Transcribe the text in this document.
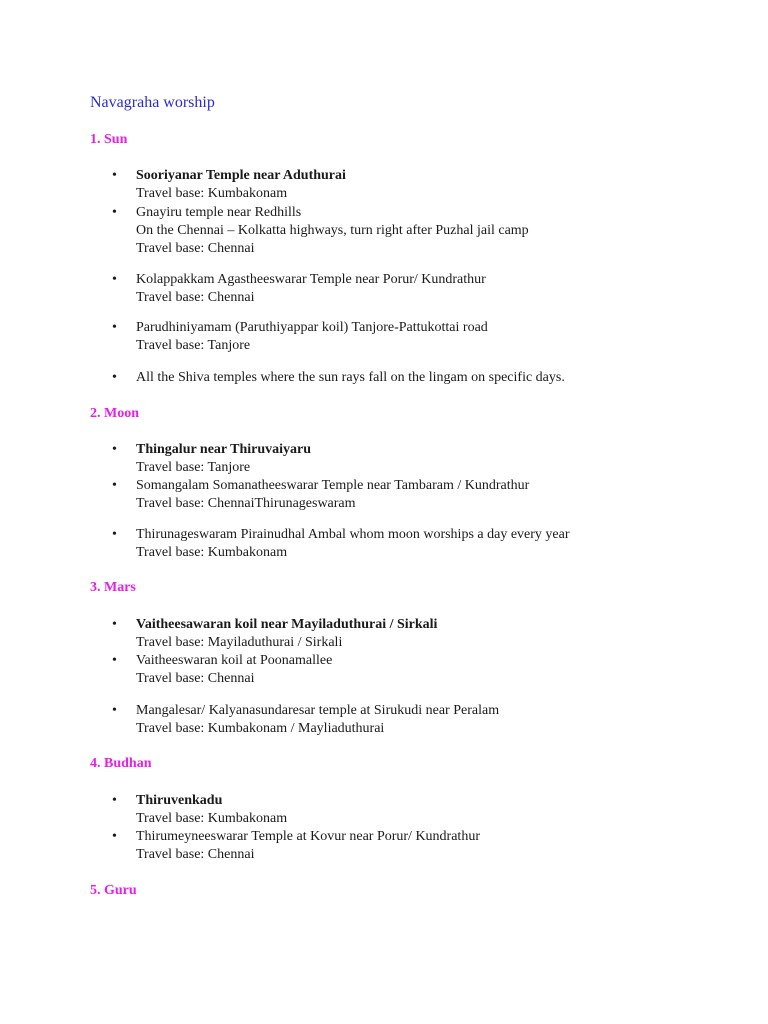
Navagraha worship
1. Sun
• Sooriyanar Temple near Aduthurai
Travel base: Kumbakonam
• Gnayiru temple near Redhills
On the Chennai – Kolkatta highways, turn right after Puzhal jail camp
Travel base: Chennai
• Kolappakkam Agastheeswarar Temple near Porur/ Kundrathur
Travel base: Chennai
• Parudhiniyamam (Paruthiyappar koil) Tanjore-Pattukottai road
Travel base: Tanjore
• All the Shiva temples where the sun rays fall on the lingam on specific days.
2. Moon
• Thingalur near Thiruvaiyaru
Travel base: Tanjore
• Somangalam Somanatheeswarar Temple near Tambaram / Kundrathur
Travel base: ChennaiThirunageswaram
• Thirunageswaram Pirainudhal Ambal whom moon worships a day every year
Travel base: Kumbakonam
3. Mars
• Vaitheesawaran koil near Mayiladuthurai / Sirkali
Travel base: Mayiladuthurai / Sirkali
• Vaitheeswaran koil at Poonamallee
Travel base: Chennai
• Mangalesar/ Kalyanasundaresar temple at Sirukudi near Peralam
Travel base: Kumbakonam / Mayliaduthurai
4. Budhan
• Thiruvenkadu
Travel base: Kumbakonam
• Thirumeyneeswarar Temple at Kovur near Porur/ Kundrathur
Travel base: Chennai
5. Guru
